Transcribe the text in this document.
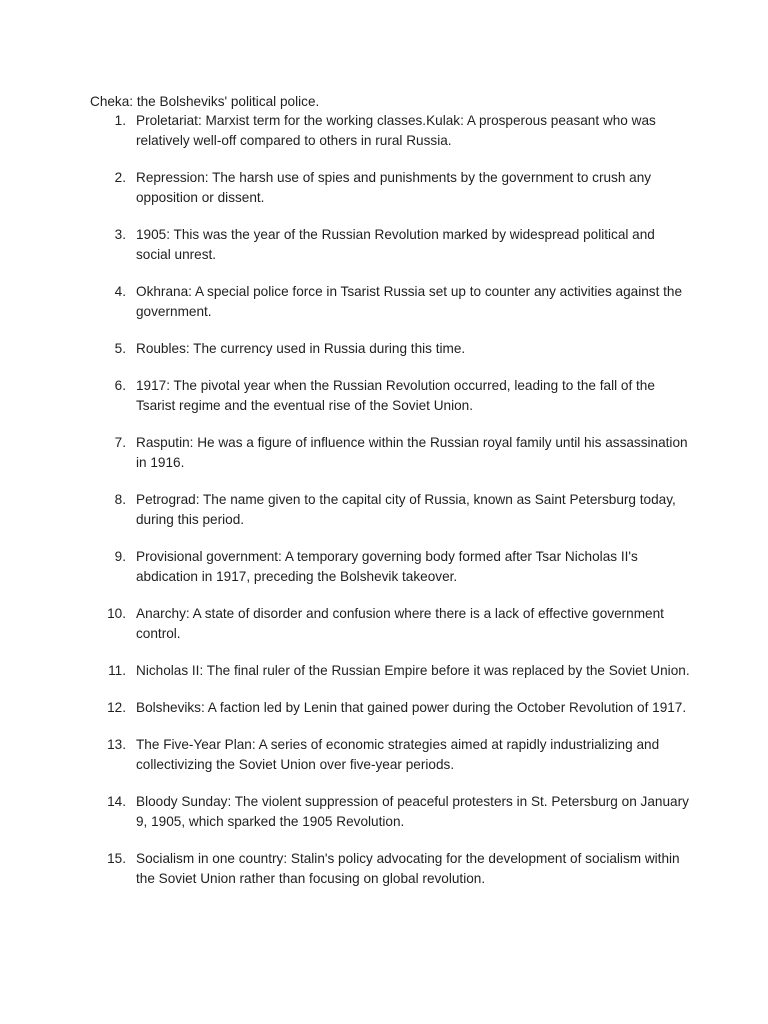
Cheka: the Bolsheviks' political police.
1. Proletariat: Marxist term for the working classes.Kulak: A prosperous peasant who was relatively well-off compared to others in rural Russia.
2. Repression: The harsh use of spies and punishments by the government to crush any opposition or dissent.
3. 1905: This was the year of the Russian Revolution marked by widespread political and social unrest.
4. Okhrana: A special police force in Tsarist Russia set up to counter any activities against the government.
5. Roubles: The currency used in Russia during this time.
6. 1917: The pivotal year when the Russian Revolution occurred, leading to the fall of the Tsarist regime and the eventual rise of the Soviet Union.
7. Rasputin: He was a figure of influence within the Russian royal family until his assassination in 1916.
8. Petrograd: The name given to the capital city of Russia, known as Saint Petersburg today, during this period.
9. Provisional government: A temporary governing body formed after Tsar Nicholas II's abdication in 1917, preceding the Bolshevik takeover.
10. Anarchy: A state of disorder and confusion where there is a lack of effective government control.
11. Nicholas II: The final ruler of the Russian Empire before it was replaced by the Soviet Union.
12. Bolsheviks: A faction led by Lenin that gained power during the October Revolution of 1917.
13. The Five-Year Plan: A series of economic strategies aimed at rapidly industrializing and collectivizing the Soviet Union over five-year periods.
14. Bloody Sunday: The violent suppression of peaceful protesters in St. Petersburg on January 9, 1905, which sparked the 1905 Revolution.
15. Socialism in one country: Stalin's policy advocating for the development of socialism within the Soviet Union rather than focusing on global revolution.
